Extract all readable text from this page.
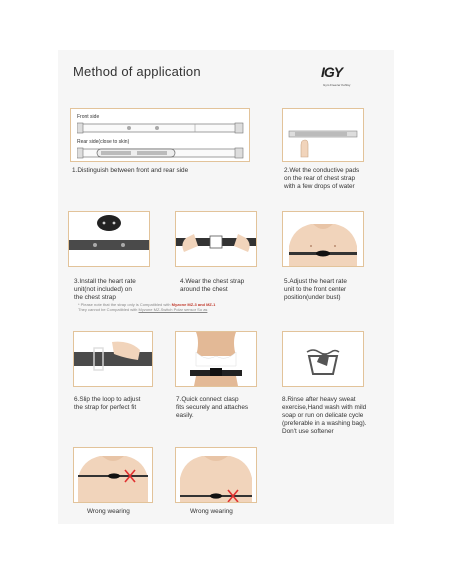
Method of application	IGY
Gym Freezer Kohlsy
Front side
Rear side(close to skin)
1.Distinguish between front and rear side	2.Wet the conductive pads
on the rear of chest strap
with a few drops of water
3.Install the heart rate
unit(not included) on
the chest strap
4.Wear the chest strap
around the chest
5.Adjust the heart rate
unit to the front center
position(under bust)
* Please note that the strap only is Compatibled with Myzone MZ-3 and MZ-1
They cannot be Compatibled with Myzone MZ-Switch Polar sensor So as
6.Slip the loop to adjust
the strap for perfect fit
7.Quick connect clasp
fits securely and attaches
easily.
8.Rinse after heavy sweat
exercise,Hand wash with mild
soap or run on delicate cycle
(preferable in a washing bag).
Don't use softener
Wrong wearing	Wrong wearing
